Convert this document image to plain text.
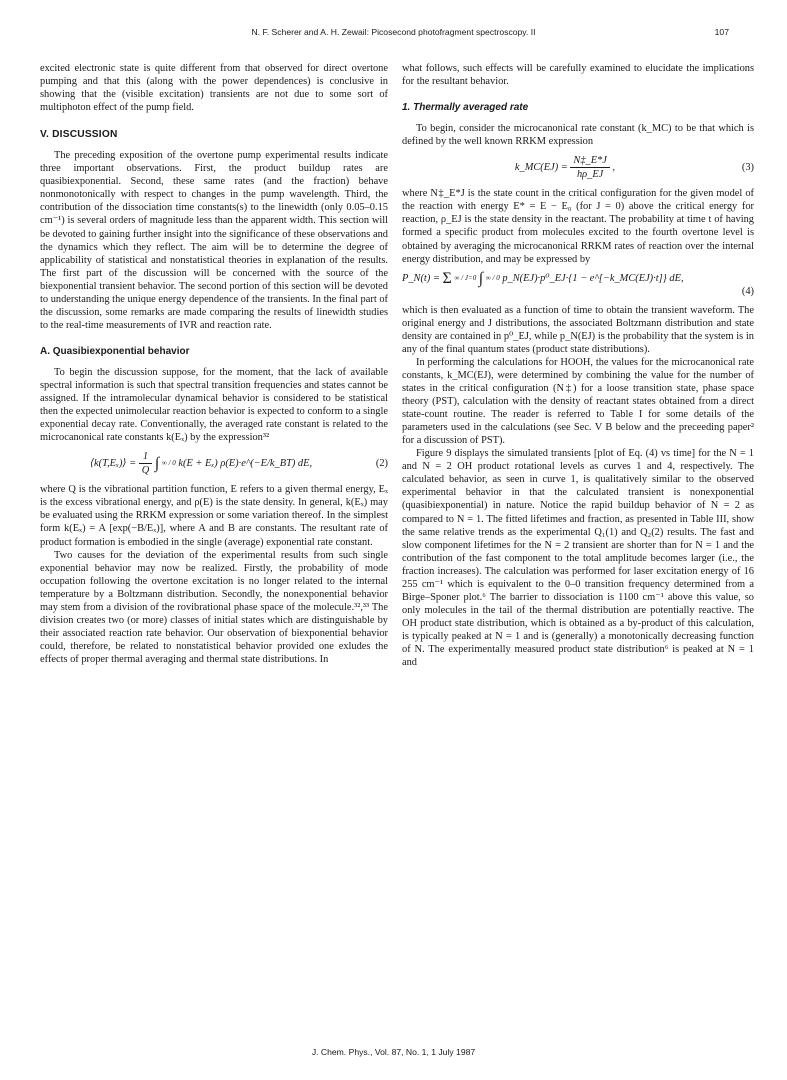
N. F. Scherer and A. H. Zewail: Picosecond photofragment spectroscopy. II	107

excited electronic state is quite different from that observed for direct overtone pumping and that this (along with the power dependences) is conclusive in showing that the (visible excitation) transients are not due to some sort of multiphoton effect of the pump field.

V. DISCUSSION

The preceding exposition of the overtone pump experimental results indicate three important observations. First, the product buildup rates are quasibiexponential. Second, these same rates (and the fraction) behave nonmonotonically with respect to changes in the pump wavelength. Third, the contribution of the dissociation time constants(s) to the linewidth (only 0.05–0.15 cm⁻¹) is several orders of magnitude less than the apparent width. This section will be devoted to gaining further insight into the significance of these observations and the dynamics which they reflect. The aim will be to determine the degree of applicability of statistical and nonstatistical theories in explanation of the results. The first part of the discussion will be concerned with the source of the biexponential transient behavior. The second portion of this section will be devoted to understanding the unique energy dependence of the transients. In the final part of the discussion, some remarks are made comparing the results of linewidth studies to the real-time measurements of IVR and reaction rate.

A. Quasibiexponential behavior

To begin the discussion suppose, for the moment, that the lack of available spectral information is such that spectral transition frequencies and states cannot be assigned. If the intramolecular dynamical behavior is considered to be statistical then the expected unimolecular reaction behavior is expected to conform to a single exponential decay rate. Conventionally, the averaged rate constant is related to the microcanonical rate constants k(Eₓ) by the expression³²

⟨k(T,Eₓ)⟩ = $\frac{1}{Q}$ ∫ ∞ / 0 k(E + Eₓ) ρ(E)·e^(−E/k_BT) dE,	(2)

where Q is the vibrational partition function, E refers to a given thermal energy, Eₓ is the excess vibrational energy, and ρ(E) is the state density. In general, k(Eₓ) may be evaluated using the RRKM expression or some variation thereof. In the simplest form k(Eₓ) = A [exp(−B/Eₓ)], where A and B are constants. The resultant rate of product formation is embodied in the single (average) exponential rate constant.

Two causes for the deviation of the experimental results from such single exponential behavior may now be realized. Firstly, the probability of mode occupation following the overtone excitation is no longer related to the internal temperature by a Boltzmann distribution. Secondly, the nonexponential behavior may stem from a division of the rovibrational phase space of the molecule.³²,³³ The division creates two (or more) classes of initial states which are distinguishable by their associated reaction rate behavior. Our observation of biexponential behavior could, therefore, be related to nonstatistical behavior provided one exludes the effects of proper thermal averaging and thermal state distributions. In

what follows, such effects will be carefully examined to elucidate the implications for the resultant behavior.

1. Thermally averaged rate

To begin, consider the microcanonical rate constant (k_MC) to be that which is defined by the well known RRKM expression

k_MC(EJ) = $\frac{N\ddagger\_E*J}{h\rho\_EJ}$ ,	(3)

where N‡_E*J is the state count in the critical configuration for the given model of the reaction with energy E* = E − E₀ (for J = 0) above the critical energy for reaction, ρ_EJ is the state density in the reactant. The probability at time t of having formed a specific product from molecules excited to the fourth overtone level is obtained by averaging the microcanonical RRKM rates of reaction over the internal energy distribution, and may be expressed by

P_N(t) = Σ ∞ / J=0 ∫ ∞ / 0 p_N(EJ)·p⁰_EJ·{1 − e^[−k_MC(EJ)·t]} dE,
(4)

which is then evaluated as a function of time to obtain the transient waveform. The original energy and J distributions, the associated Boltzmann distribution and state density are contained in p⁰_EJ, while p_N(EJ) is the probability that the system is in any of the final quantum states (product state distributions).

In performing the calculations for HOOH, the values for the microcanonical rate constants, k_MC(EJ), were determined by combining the value for the number of states in the critical configuration (N‡) for a loose transition state, phase space theory (PST), calculation with the density of reactant states obtained from a direct state-count routine. The reader is referred to Table I for some details of the parameters used in the calculations (see Sec. V B below and the preceeding paper² for a discussion of PST).

Figure 9 displays the simulated transients [plot of Eq. (4) vs time] for the N = 1 and N = 2 OH product rotational levels as curves 1 and 4, respectively. The calculated behavior, as seen in curve 1, is qualitatively similar to the observed experimental behavior in that the calculated transient is nonexponential (quasibiexponential) in nature. Notice the rapid buildup behavior of N = 2 as compared to N = 1. The fitted lifetimes and fraction, as presented in Table III, show the same relative trends as the experimental Q₁(1) and Q₂(2) results. The fast and slow component lifetimes for the N = 2 transient are shorter than for N = 1 and the contribution of the fast component to the total amplitude becomes larger (i.e., the fraction increases). The calculation was performed for laser excitation energy of 16 255 cm⁻¹ which is equivalent to the 0–0 transition frequency determined from a Birge–Sponer plot.⁶ The barrier to dissociation is 1100 cm⁻¹ above this value, so only molecules in the tail of the thermal distribution are potentially reactive. The OH product state distribution, which is obtained as a by-product of this calculation, is typically peaked at N = 1 and is (generally) a monotonically decreasing function of N. The experimentally measured product state distribution⁶ is peaked at N = 1 and

J. Chem. Phys., Vol. 87, No. 1, 1 July 1987
